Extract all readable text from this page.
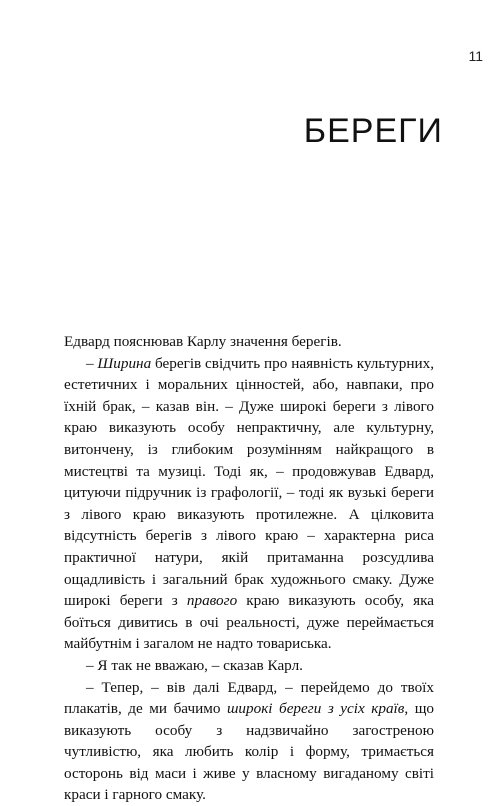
11
БЕРЕГИ

Едвард пояснював Карлу значення берегів.

– Ширина берегів свідчить про наявність культурних, естетичних і моральних цінностей, або, навпаки, про їхній брак, – казав він. – Дуже широкі береги з лівого краю виказують особу непрактичну, але культурну, витончену, із глибоким розумінням найкращого в мистецтві та музиці. Тоді як, – продовжував Едвард, цитуючи підручник із графології, – тоді як вузькі береги з лівого краю виказують протилежне. А цілковита відсутність берегів з лівого краю – характерна риса практичної натури, якій притаманна розсудлива ощадливість і загальний брак художнього смаку. Дуже широкі береги з правого краю виказують особу, яка боїться дивитись в очі реальності, дуже переймається майбутнім і загалом не надто товариська.

– Я так не вважаю, – сказав Карл.

– Тепер, – вів далі Едвард, – перейдемо до твоїх плакатів, де ми бачимо широкі береги з усіх країв, що виказують особу з надзвичайно загостреною чутливістю, яка любить колір і форму, тримається осторонь від маси і живе у власному вигаданому світі краси і гарного смаку.
